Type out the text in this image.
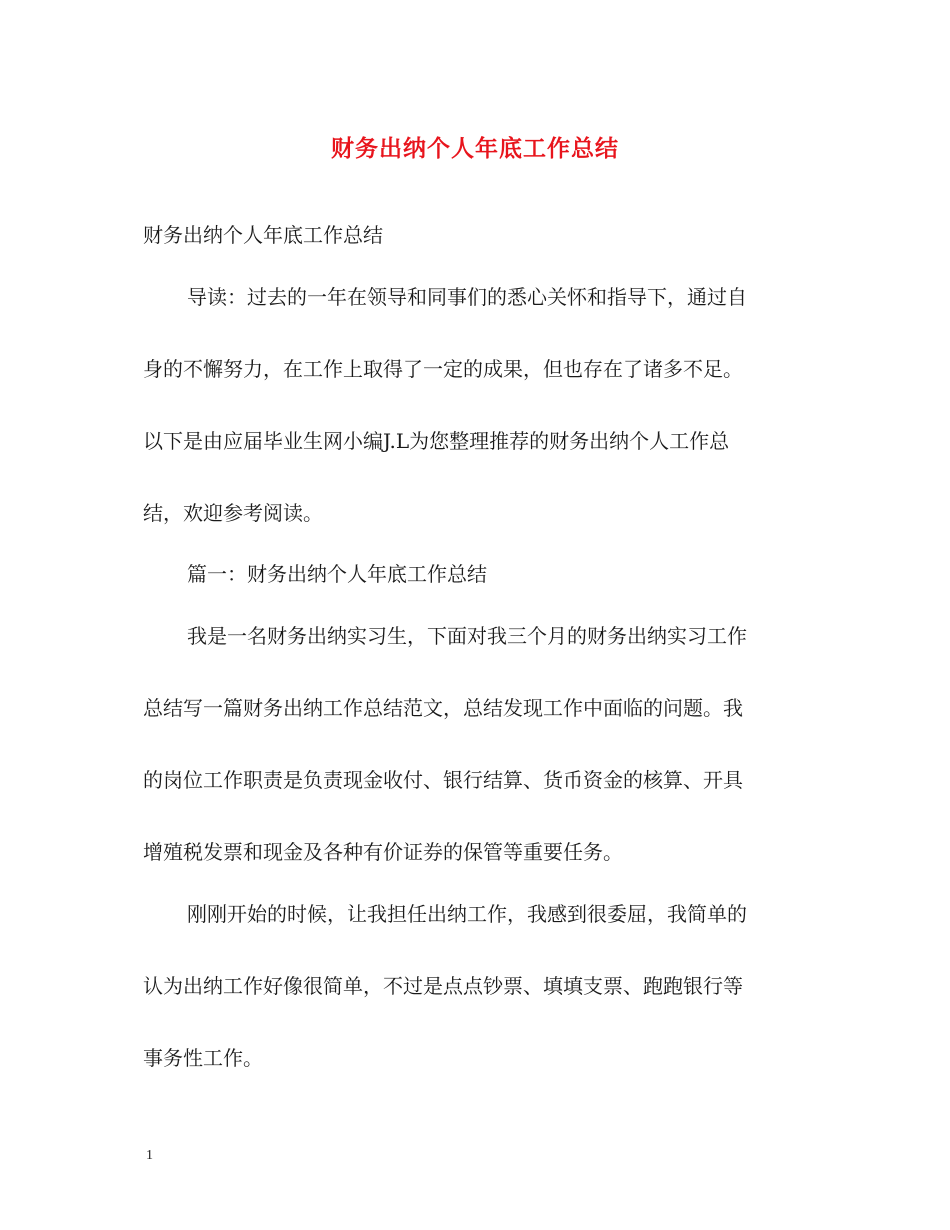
财务出纳个人年底工作总结
财务出纳个人年底工作总结
导读：过去的一年在领导和同事们的悉心关怀和指导下，通过自
身的不懈努力，在工作上取得了一定的成果，但也存在了诸多不足。
以下是由应届毕业生网小编J.L为您整理推荐的财务出纳个人工作总
结，欢迎参考阅读。
篇一：财务出纳个人年底工作总结
我是一名财务出纳实习生，下面对我三个月的财务出纳实习工作
总结写一篇财务出纳工作总结范文，总结发现工作中面临的问题。我
的岗位工作职责是负责现金收付、银行结算、货币资金的核算、开具
增殖税发票和现金及各种有价证券的保管等重要任务。
刚刚开始的时候，让我担任出纳工作，我感到很委屈，我简单的
认为出纳工作好像很简单，不过是点点钞票、填填支票、跑跑银行等
事务性工作。
1
